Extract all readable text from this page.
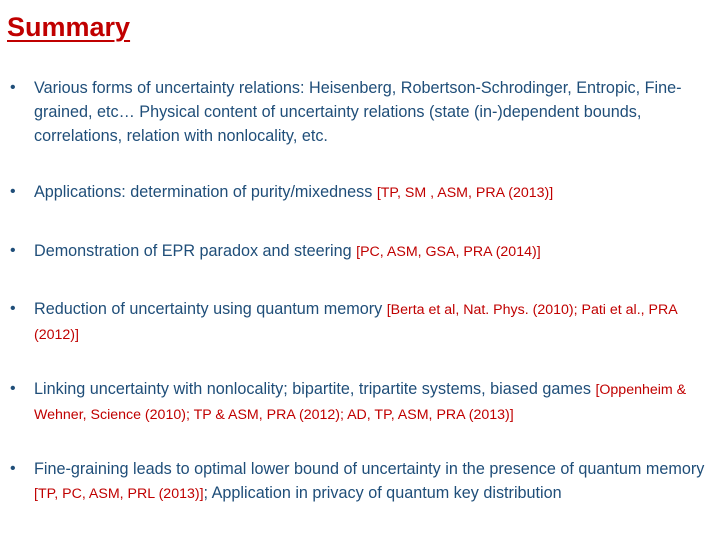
Summary
• Various forms of uncertainty relations: Heisenberg, Robertson-Schrodinger, Entropic, Fine-grained, etc… Physical content of uncertainty relations (state (in-)dependent bounds, correlations, relation with nonlocality, etc.
• Applications: determination of purity/mixedness [TP, SM , ASM, PRA (2013)]
• Demonstration of EPR paradox and steering [PC, ASM, GSA, PRA (2014)]
• Reduction of uncertainty using quantum memory [Berta et al, Nat. Phys. (2010); Pati et al., PRA (2012)]
• Linking uncertainty with nonlocality; bipartite, tripartite systems, biased games [Oppenheim & Wehner, Science (2010); TP & ASM, PRA (2012); AD, TP, ASM, PRA (2013)]
• Fine-graining leads to optimal lower bound of uncertainty in the presence of quantum memory [TP, PC, ASM, PRL (2013)]; Application in privacy of quantum key distribution
